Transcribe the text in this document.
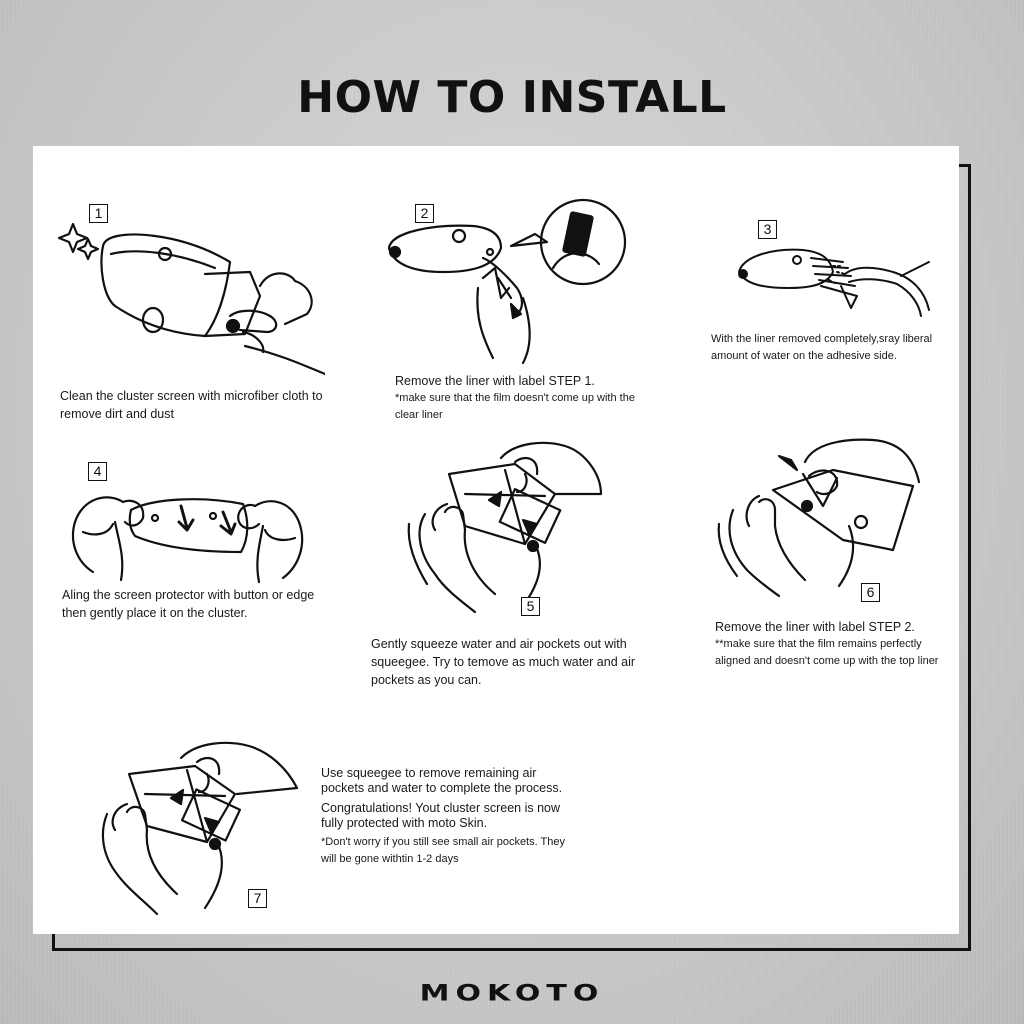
HOW TO INSTALL
1
Clean the cluster screen with microfiber cloth to remove dirt and dust
2
Remove the liner with label STEP 1.
*make sure that the film doesn't come up with the clear liner
3
With the liner removed completely,sray liberal amount of water on the adhesive side.
4
Aling the screen protector with button or edge then gently place it on the cluster.	5
Gently squeeze water and air pockets out with squeegee. Try to temove as much water and air pockets as you can.
6
Remove the liner with label STEP 2.
**make sure that the film remains perfectly aligned and doesn't come up with the top liner
7
Use squeegee to remove remaining air pockets and water to complete the process.
Congratulations! Yout cluster screen is now fully protected with moto Skin.
*Don't worry if you still see small air pockets. They will be gone withtin 1-2 days
MOKOTO
